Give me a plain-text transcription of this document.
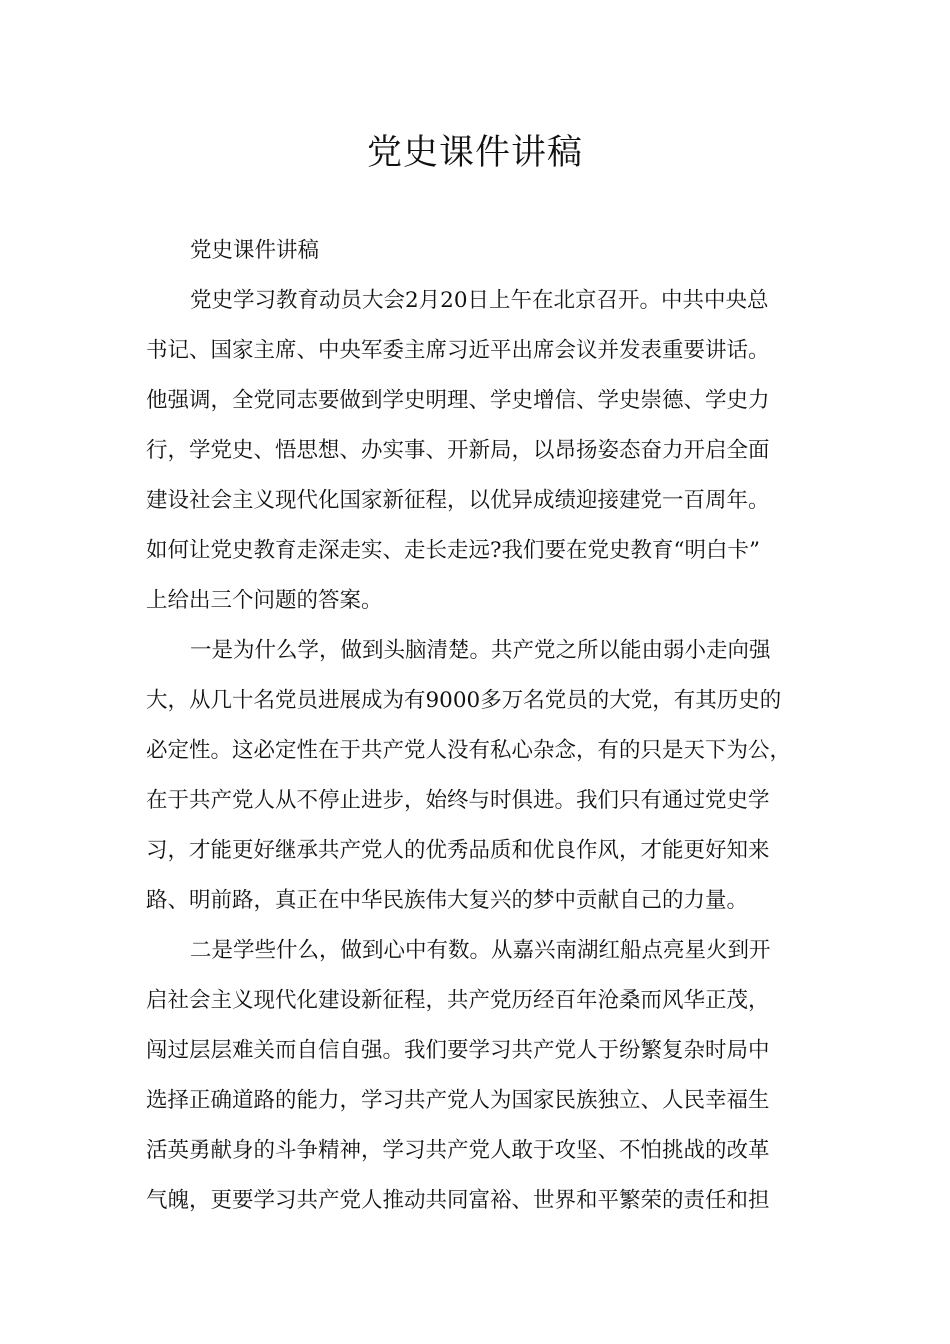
党史课件讲稿
党史课件讲稿
党史学习教育动员大会2月20日上午在北京召开。中共中央总
书记、国家主席、中央军委主席习近平出席会议并发表重要讲话。
他强调，全党同志要做到学史明理、学史增信、学史崇德、学史力
行，学党史、悟思想、办实事、开新局，以昂扬姿态奋力开启全面
建设社会主义现代化国家新征程，以优异成绩迎接建党一百周年。
如何让党史教育走深走实、走长走远?我们要在党史教育“明白卡”
上给出三个问题的答案。
一是为什么学，做到头脑清楚。共产党之所以能由弱小走向强
大，从几十名党员进展成为有9000多万名党员的大党，有其历史的
必定性。这必定性在于共产党人没有私心杂念，有的只是天下为公，
在于共产党人从不停止进步，始终与时俱进。我们只有通过党史学
习，才能更好继承共产党人的优秀品质和优良作风，才能更好知来
路、明前路，真正在中华民族伟大复兴的梦中贡献自己的力量。
二是学些什么，做到心中有数。从嘉兴南湖红船点亮星火到开
启社会主义现代化建设新征程，共产党历经百年沧桑而风华正茂，
闯过层层难关而自信自强。我们要学习共产党人于纷繁复杂时局中
选择正确道路的能力，学习共产党人为国家民族独立、人民幸福生
活英勇献身的斗争精神，学习共产党人敢于攻坚、不怕挑战的改革
气魄，更要学习共产党人推动共同富裕、世界和平繁荣的责任和担
